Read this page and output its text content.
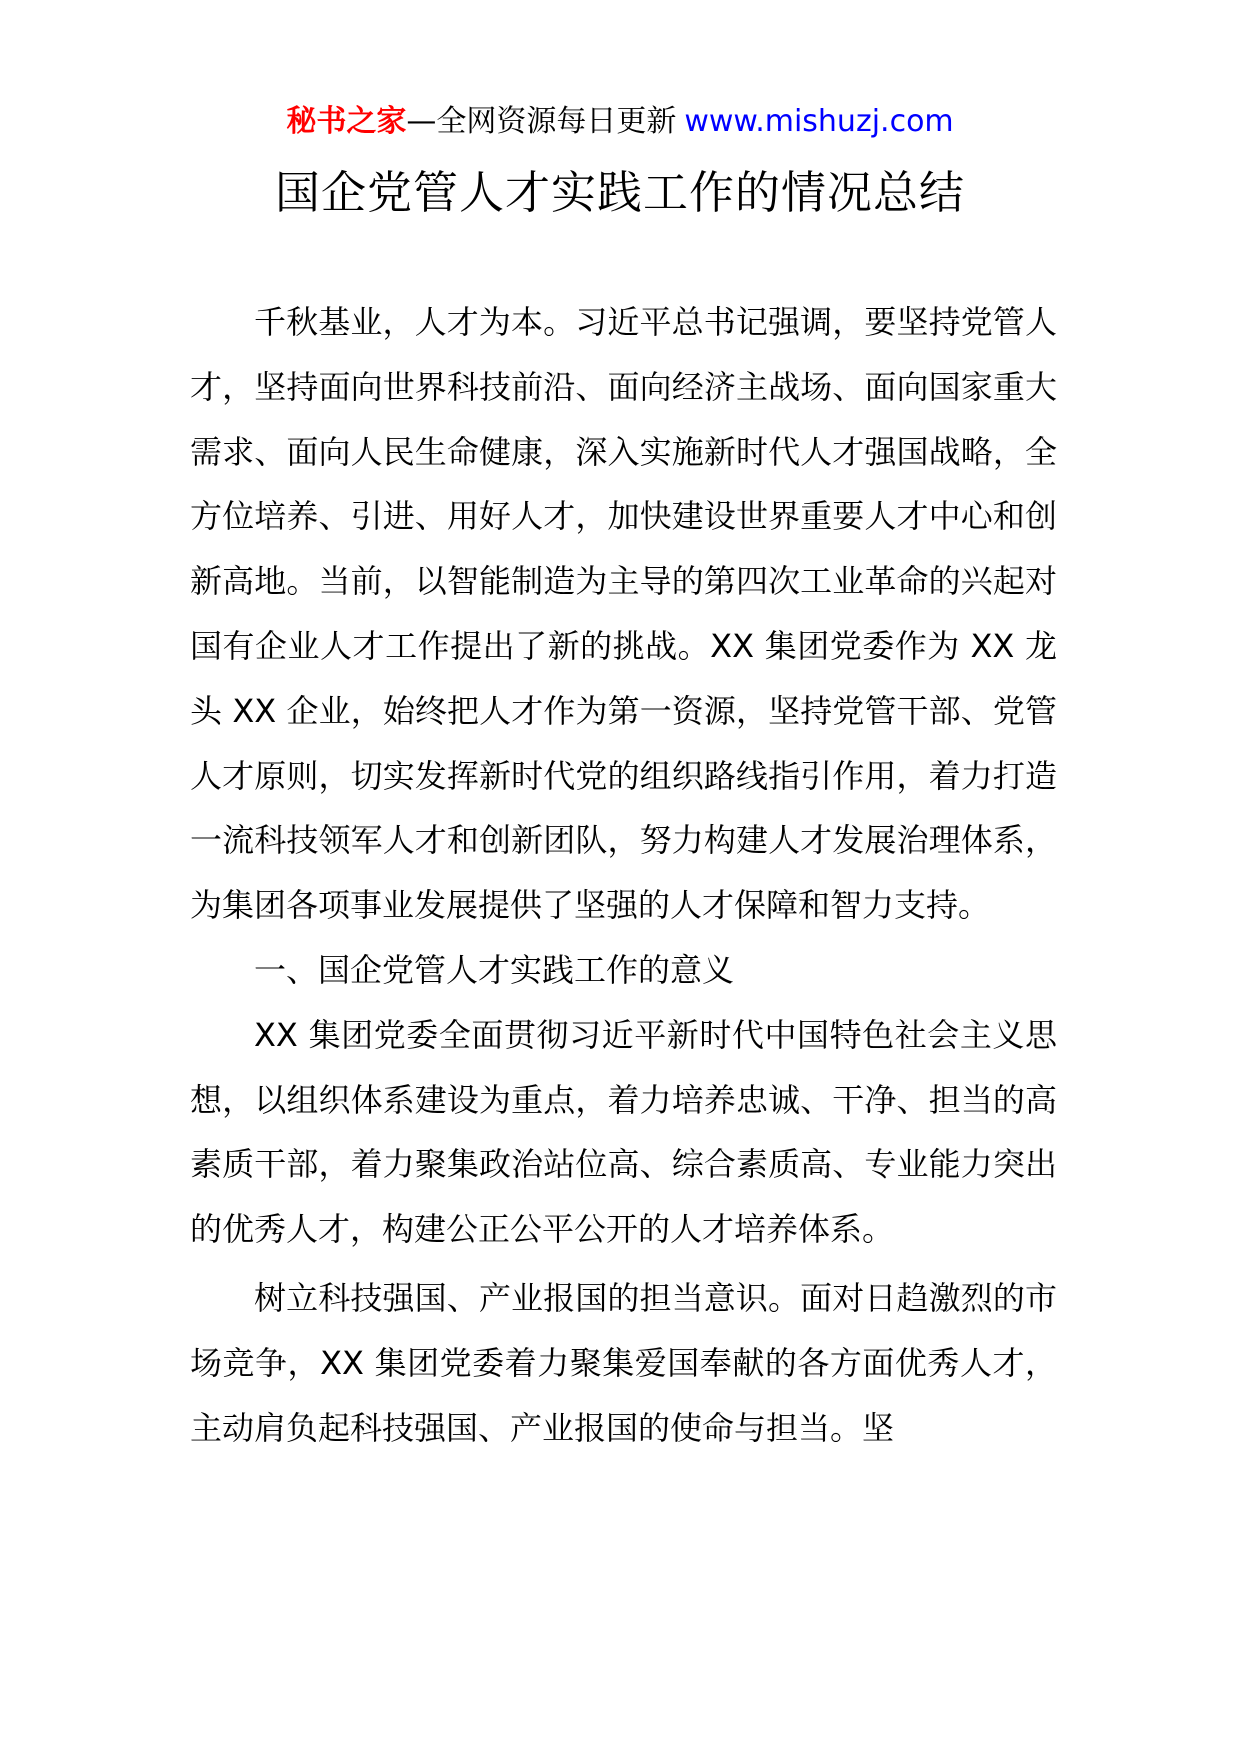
秘书之家—全网资源每日更新 www.mishuzj.com
国企党管人才实践工作的情况总结

千秋基业，人才为本。习近平总书记强调，要坚持党管人才，坚持面向世界科技前沿、面向经济主战场、面向国家重大需求、面向人民生命健康，深入实施新时代人才强国战略，全方位培养、引进、用好人才，加快建设世界重要人才中心和创新高地。当前，以智能制造为主导的第四次工业革命的兴起对国有企业人才工作提出了新的挑战。XX 集团党委作为 XX 龙头 XX 企业，始终把人才作为第一资源，坚持党管干部、党管人才原则，切实发挥新时代党的组织路线指引作用，着力打造一流科技领军人才和创新团队，努力构建人才发展治理体系，为集团各项事业发展提供了坚强的人才保障和智力支持。

一、国企党管人才实践工作的意义

XX 集团党委全面贯彻习近平新时代中国特色社会主义思想，以组织体系建设为重点，着力培养忠诚、干净、担当的高素质干部，着力聚集政治站位高、综合素质高、专业能力突出的优秀人才，构建公正公平公开的人才培养体系。

树立科技强国、产业报国的担当意识。面对日趋激烈的市场竞争，XX 集团党委着力聚集爱国奉献的各方面优秀人才，主动肩负起科技强国、产业报国的使命与担当。坚
